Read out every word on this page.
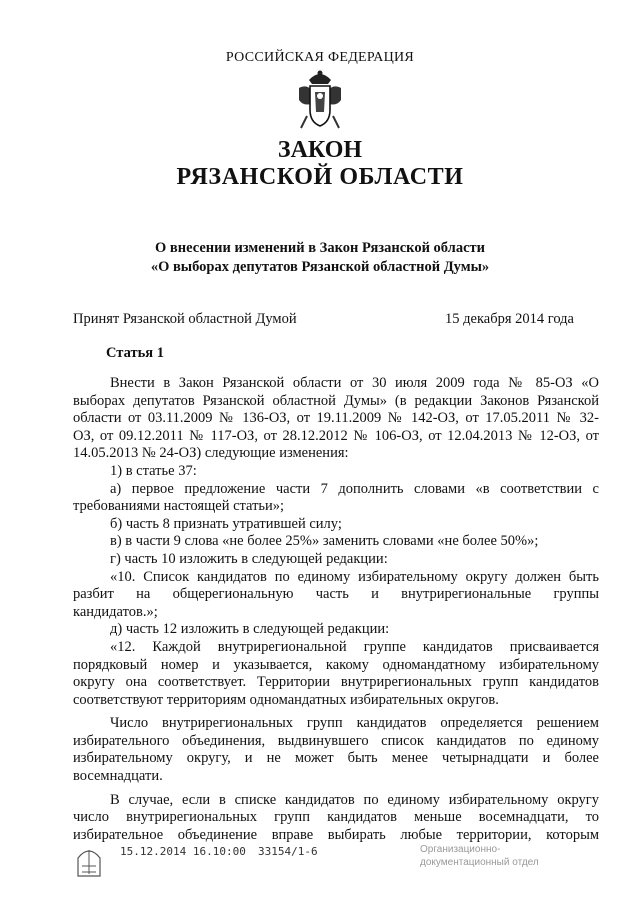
РОССИЙСКАЯ ФЕДЕРАЦИЯ
ЗАКОН
РЯЗАНСКОЙ ОБЛАСТИ
О внесении изменений в Закон Рязанской области
«О выборах депутатов Рязанской областной Думы»
Принят Рязанской областной Думой	15 декабря 2014 года
Статья 1

Внести в Закон Рязанской области от 30 июля 2009 года № 85-ОЗ «О

выборах депутатов Рязанской областной Думы» (в редакции Законов Рязанской

области от 03.11.2009 № 136-ОЗ, от 19.11.2009 № 142-ОЗ, от 17.05.2011 № 32-

ОЗ, от 09.12.2011 № 117-ОЗ, от 28.12.2012 № 106-ОЗ, от 12.04.2013 № 12-ОЗ, от

14.05.2013 № 24-ОЗ) следующие изменения:

1) в статье 37:

а) первое предложение части 7 дополнить словами «в соответствии с

требованиями настоящей статьи»;

б) часть 8 признать утратившей силу;

в) в части 9 слова «не более 25%» заменить словами «не более 50%»;

г) часть 10 изложить в следующей редакции:

«10. Список кандидатов по единому избирательному округу должен быть

разбит на общерегиональную часть и внутрирегиональные группы

кандидатов.»;

д) часть 12 изложить в следующей редакции:

«12. Каждой внутрирегиональной группе кандидатов присваивается

порядковый номер и указывается, какому одномандатному избирательному

округу она соответствует. Территории внутрирегиональных групп кандидатов

соответствуют территориям одномандатных избирательных округов.

Число внутрирегиональных групп кандидатов определяется решением

избирательного объединения, выдвинувшего список кандидатов по единому

избирательному округу, и не может быть менее четырнадцати и более

восемнадцати.

В случае, если в списке кандидатов по единому избирательному округу

число внутрирегиональных групп кандидатов меньше восемнадцати, то

избирательное объединение вправе выбирать любые территории, которым

15.12.2014 16.10:00 33154/1-6	Организационно-
документационный отдел
